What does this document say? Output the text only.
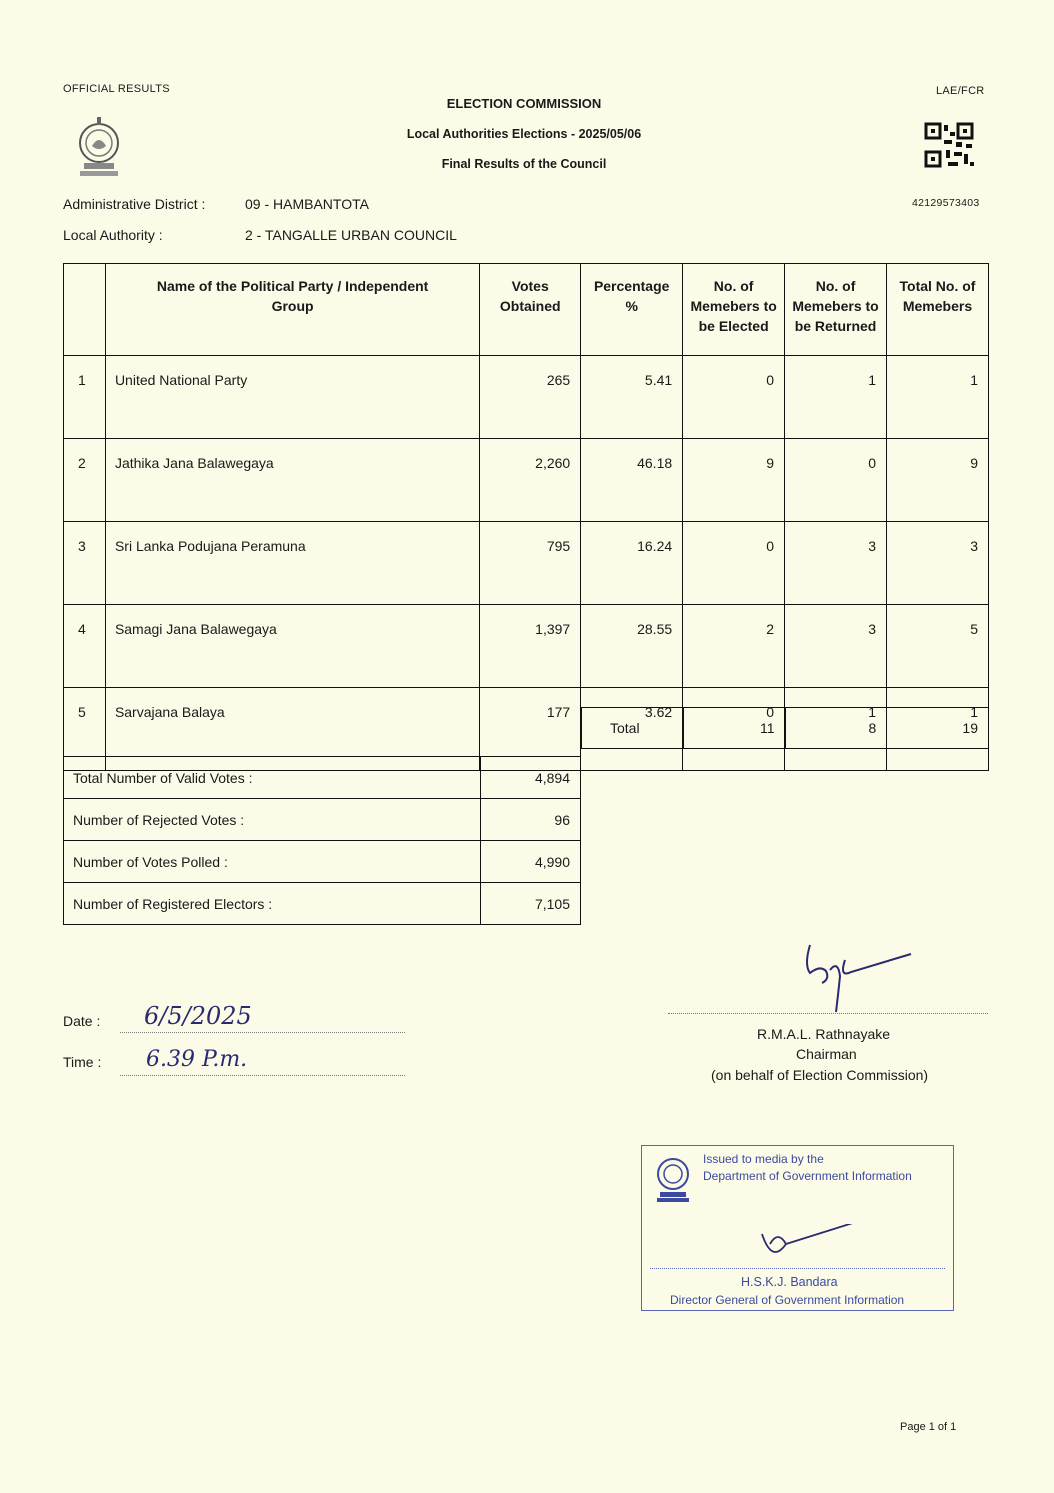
OFFICIAL RESULTS	LAE/FCR
ELECTION COMMISSION
Local Authorities Elections - 2025/05/06
Final Results of the Council
42129573403
Administrative District :	09 - HAMBANTOTA
Local Authority :	2 - TANGALLE URBAN COUNCIL
	Name of the Political Party / Independent Group	Votes Obtained	Percentage %	No. of Memebers to be Elected	No. of Memebers to be Returned	Total No. of Memebers
1	United National Party	265	5.41	0	1	1
2	Jathika Jana Balawegaya	2,260	46.18	9	0	9
3	Sri Lanka Podujana Peramuna	795	16.24	0	3	3
4	Samagi Jana Balawegaya	1,397	28.55	2	3	5
5	Sarvajana Balaya	177	3.62	0	1	1
Total	11	8	19
Total Number of Valid Votes :	4,894
Number of Rejected Votes :	96
Number of Votes Polled :	4,990
Number of Registered Electors :	7,105
Date : 6/5/2025
Time : 6.39 P.m.
R.M.A.L. Rathnayake
Chairman
(on behalf of Election Commission)
Issued to media by the
Department of Government Information
H.S.K.J. Bandara
Director General of Government Information
Page 1 of 1
